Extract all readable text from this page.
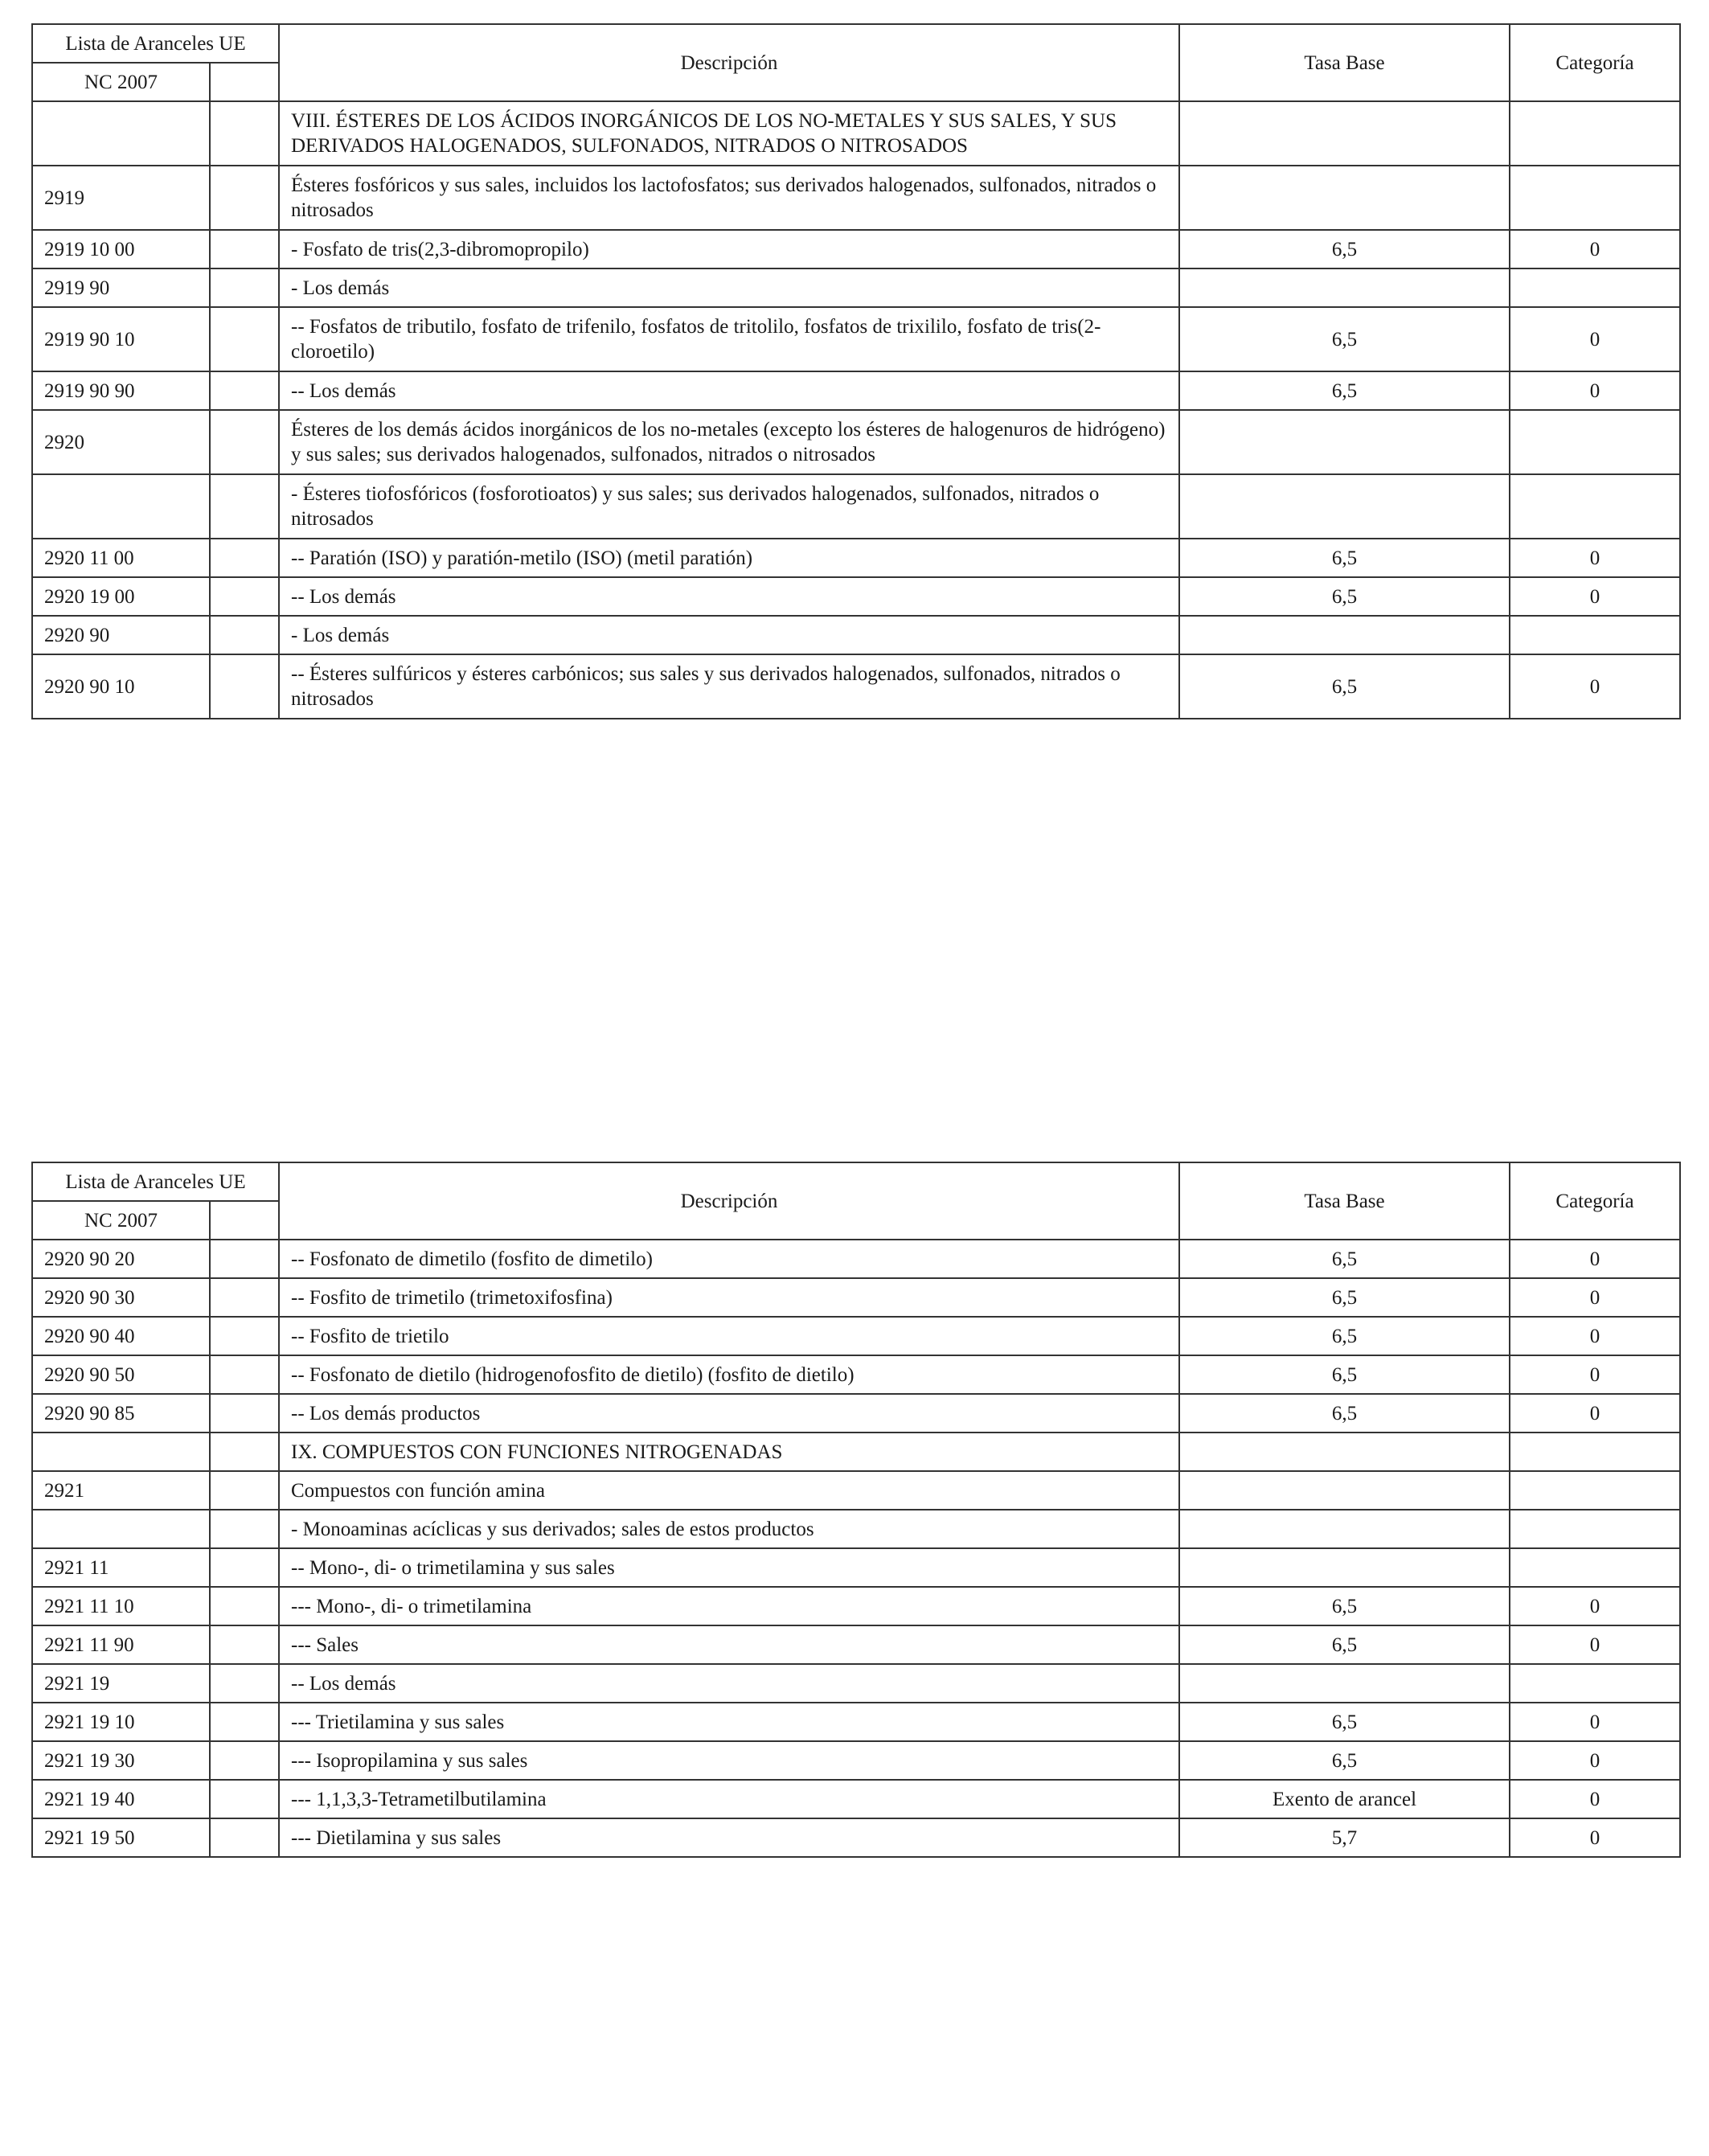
Lista de Aranceles UE		Descripción	Tasa Base	Categoría
NC 2007				
		VIII. ÉSTERES DE LOS ÁCIDOS INORGÁNICOS DE LOS NO-METALES Y SUS SALES, Y SUS DERIVADOS HALOGENADOS, SULFONADOS, NITRADOS O NITROSADOS		
2919		Ésteres fosfóricos y sus sales, incluidos los lactofosfatos; sus derivados halogenados, sulfonados, nitrados o nitrosados		
2919 10 00		- Fosfato de tris(2,3-dibromopropilo)	6,5	0
2919 90		- Los demás		
2919 90 10		-- Fosfatos de tributilo, fosfato de trifenilo, fosfatos de tritolilo, fosfatos de trixililo, fosfato de tris(2-cloroetilo)	6,5	0
2919 90 90		-- Los demás	6,5	0
2920		Ésteres de los demás ácidos inorgánicos de los no-metales (excepto los ésteres de halogenuros de hidrógeno) y sus sales; sus derivados halogenados, sulfonados, nitrados o nitrosados		
		- Ésteres tiofosfóricos (fosforotioatos) y sus sales; sus derivados halogenados, sulfonados, nitrados o nitrosados		
2920 11 00		-- Paratión (ISO) y paratión-metilo (ISO) (metil paratión)	6,5	0
2920 19 00		-- Los demás	6,5	0
2920 90		- Los demás		
2920 90 10		-- Ésteres sulfúricos y ésteres carbónicos; sus sales y sus derivados halogenados, sulfonados, nitrados o nitrosados	6,5	0
Lista de Aranceles UE		Descripción	Tasa Base	Categoría
NC 2007				
2920 90 20		-- Fosfonato de dimetilo (fosfito de dimetilo)	6,5	0
2920 90 30		-- Fosfito de trimetilo (trimetoxifosfina)	6,5	0
2920 90 40		-- Fosfito de trietilo	6,5	0
2920 90 50		-- Fosfonato de dietilo (hidrogenofosfito de dietilo) (fosfito de dietilo)	6,5	0
2920 90 85		-- Los demás productos	6,5	0
		IX. COMPUESTOS CON FUNCIONES NITROGENADAS		
2921		Compuestos con función amina		
		- Monoaminas acíclicas y sus derivados; sales de estos productos		
2921 11		-- Mono-, di- o trimetilamina y sus sales		
2921 11 10		--- Mono-, di- o trimetilamina	6,5	0
2921 11 90		--- Sales	6,5	0
2921 19		-- Los demás		
2921 19 10		--- Trietilamina y sus sales	6,5	0
2921 19 30		--- Isopropilamina y sus sales	6,5	0
2921 19 40		--- 1,1,3,3-Tetrametilbutilamina	Exento de arancel	0
2921 19 50		--- Dietilamina y sus sales	5,7	0
